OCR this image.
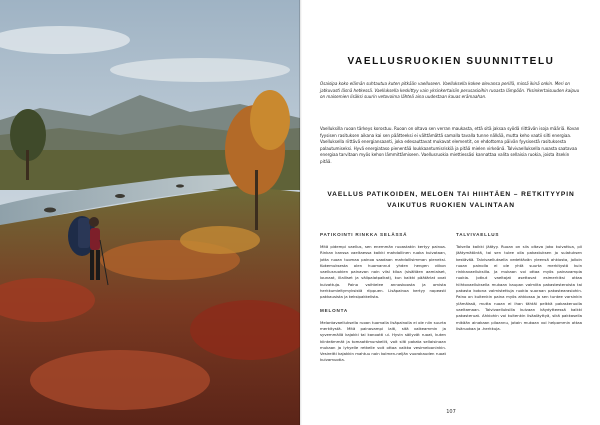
VAELLUSRUOKIEN SUUNNITTELU

Osaisipa koko elämän suhtautua kuten pitkään vaelluseen. Vaelluksella kokee olevansa perillä, missä ikinä onkin. Meri on jatkuvasti läsnä hetkessä. Vaelluksella keskittyy vain yksinkertaisiin perusasioihin ruoasta lämpöön. Yksinkertaisuuden kaipuu on maisemien lisäksi suurin vetovoima lähteä aina uudestaan kauas erämaahan.

Vaelluksilla ruoan tärkeys korostuu. Ruoan on oltava sen verran maukasta, että sitä jaksaa syödä riittävän isoja määriä. Kovan fyysisen rasituksen aikana kai sen päätteeksi ei välttämättä samalla tavalla tunne nälkää, mutta keho vaatii silti energiaa. Vaelluksella riittävä energiansaanti, joka edesauttavat mukavat elementit, on ehdottoma päivän fyysisestä rasituksesta palautumiseksi. Hyvä energiataso pienentää loukkaantumisriskiä ja pitää mielen virkeänä. Talvivaelluksella ruoasta saatavaa energiaa tarvitaan myös kehon lämmittämiseen. Vaellusruokia miettiessäsi kannattaa valita sellaisia ruokia, joista itsekin pitää.

VAELLUS PATIKOIDEN, MELOEN TAI HIIHTÄEN – RETKITYYPIN VAIKUTUS RUOKIEN VALINTAAN
PATIKOINTI RINKKA SELÄSSÄ

Mitä pidempi vaellus, sen enemmän ruoastakin kertyy painoa. Rinkan kanssa vaeltaessa kaikki mahdollinen ruoka kuivataan, jotta ruoan tuomaa painoa saadaan mahdollisimman pieneksi. Kokemuksesta olen huomannut yhden hengen viikon vaellusruokien painavan noin viisi kiloa (sisältäen aamiaiset, lounaat, illalliset ja välipalatpalkat), kun kaikki päätärlat ovat kuivattuja. Paino vaihtelee annoskoosta ja omista herkkumieltymyksistä riippuen. Lisäpainoa kertyy nopeasti pakkausista ja keksipakkelista.

MELONTA

Melontavaelluksella ruoan tuomalla lisäpainolla ei ole niin suurta merkitystä. Mitä painavampi laiti, sitä vaikeammin ja syvemmällä kajakki tai kanootti ui. Hyvin säilyvät ruoat, kuten kiinteämmät ja tomaattimurskeliit, voit silti pakata sellaisinaan mukaan ja lyhyelle retkelle voit ottaa vaikka vesimelooninkin. Vesireitti kajakkin mahtuu noin kolmen-neljän vuorokauden ruoat kuivamuotia.

TALVIVAELLUS

Talvella kaikki jäätyy. Ruoan on siis oltava joko kuivattua, pii jäätymätöntä, tai sen tulee olla pakastuksen jo sulatuksen kestävää. Talvivaelluksella vedettävän yleensä ahkiosta, jolloin ruoan painolla ei ole yhtä suurta merkitystä kuin rinkkavaelluksilla. Ja mukaan voi ottaa myös painavampia ruokia. Jotkut vaeltajat asettavat esimerkiksi ottaa hiihtovaelluksella mukaan kaupan valmiita pakastesteroista tai pakasta kotona valmistettuja ruokia suoraan pakastearasiohin. Paino on kuitenkin paina myös ahkiossa ja sen tuntee varsinkin ylämäissä, mutta ruoan ei ihan tähtäi pelkkä pakaskeruolla vaeltamaan. Talvivaelluksilla kuivaan käydytteessä kaikki pakasteruat. Ahkiohin voi kuitenkin lisäaläyttyä, sikä pakkasella mikään ainakaan pilaannu, jotain mukaan voi helpommin ottaa lisäruokaa ja -herkkuja.

107
